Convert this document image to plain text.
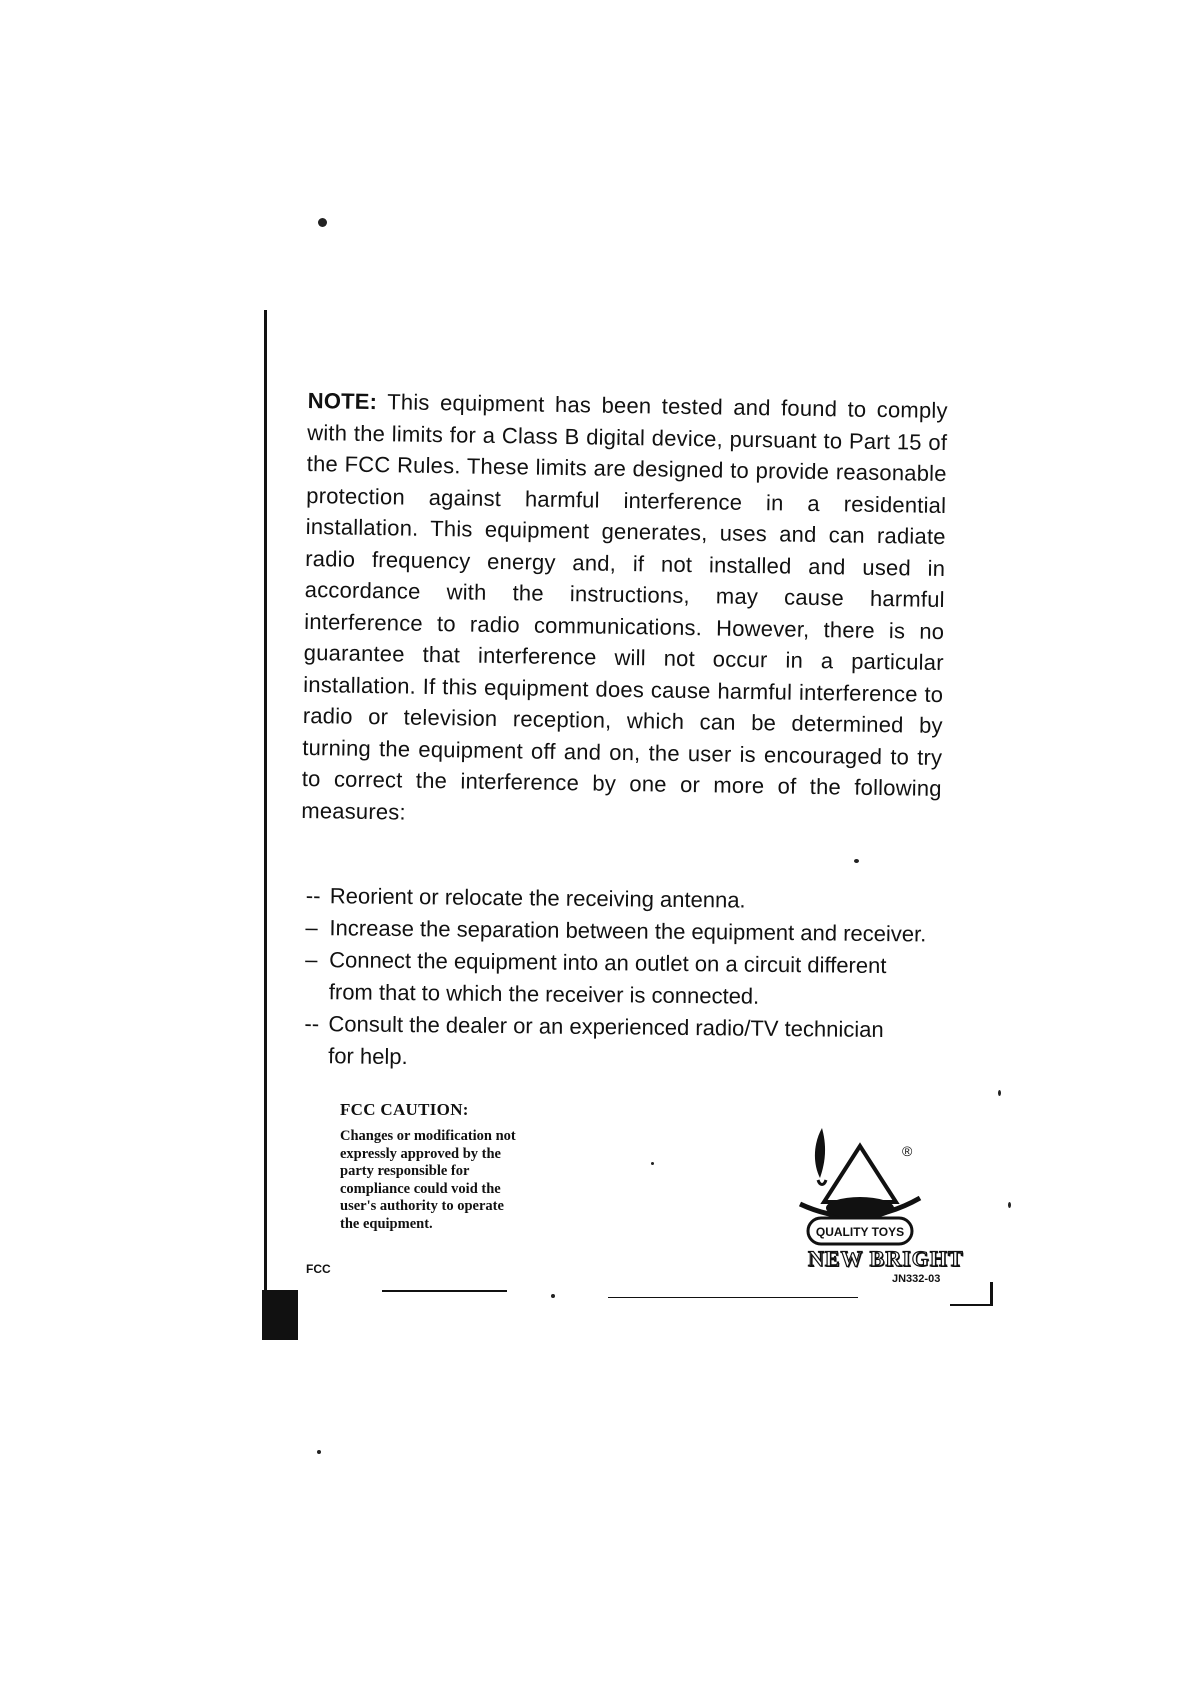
NOTE: This equipment has been tested and found to comply with the limits for a Class B digital device, pursuant to Part 15 of the FCC Rules. These limits are designed to provide reasonable protection against harmful interference in a residential installation. This equipment generates, uses and can radiate radio frequency energy and, if not installed and used in accordance with the instructions, may cause harmful interference to radio communications. However, there is no guarantee that interference will not occur in a particular installation. If this equipment does cause harmful interference to radio or television reception, which can be determined by turning the equipment off and on, the user is encouraged to try to correct the interference by one or more of the following measures:
-- Reorient or relocate the receiving antenna.
– Increase the separation between the equipment and receiver.
– Connect the equipment into an outlet on a circuit different from that to which the receiver is connected.
-- Consult the dealer or an experienced radio/TV technician for help.
FCC CAUTION:
Changes or modification not
expressly approved by the
party responsible for
compliance could void the
user's authority to operate
the equipment.
FCC
QUALITY TOYS
®
NEW BRIGHT
JN332-03
